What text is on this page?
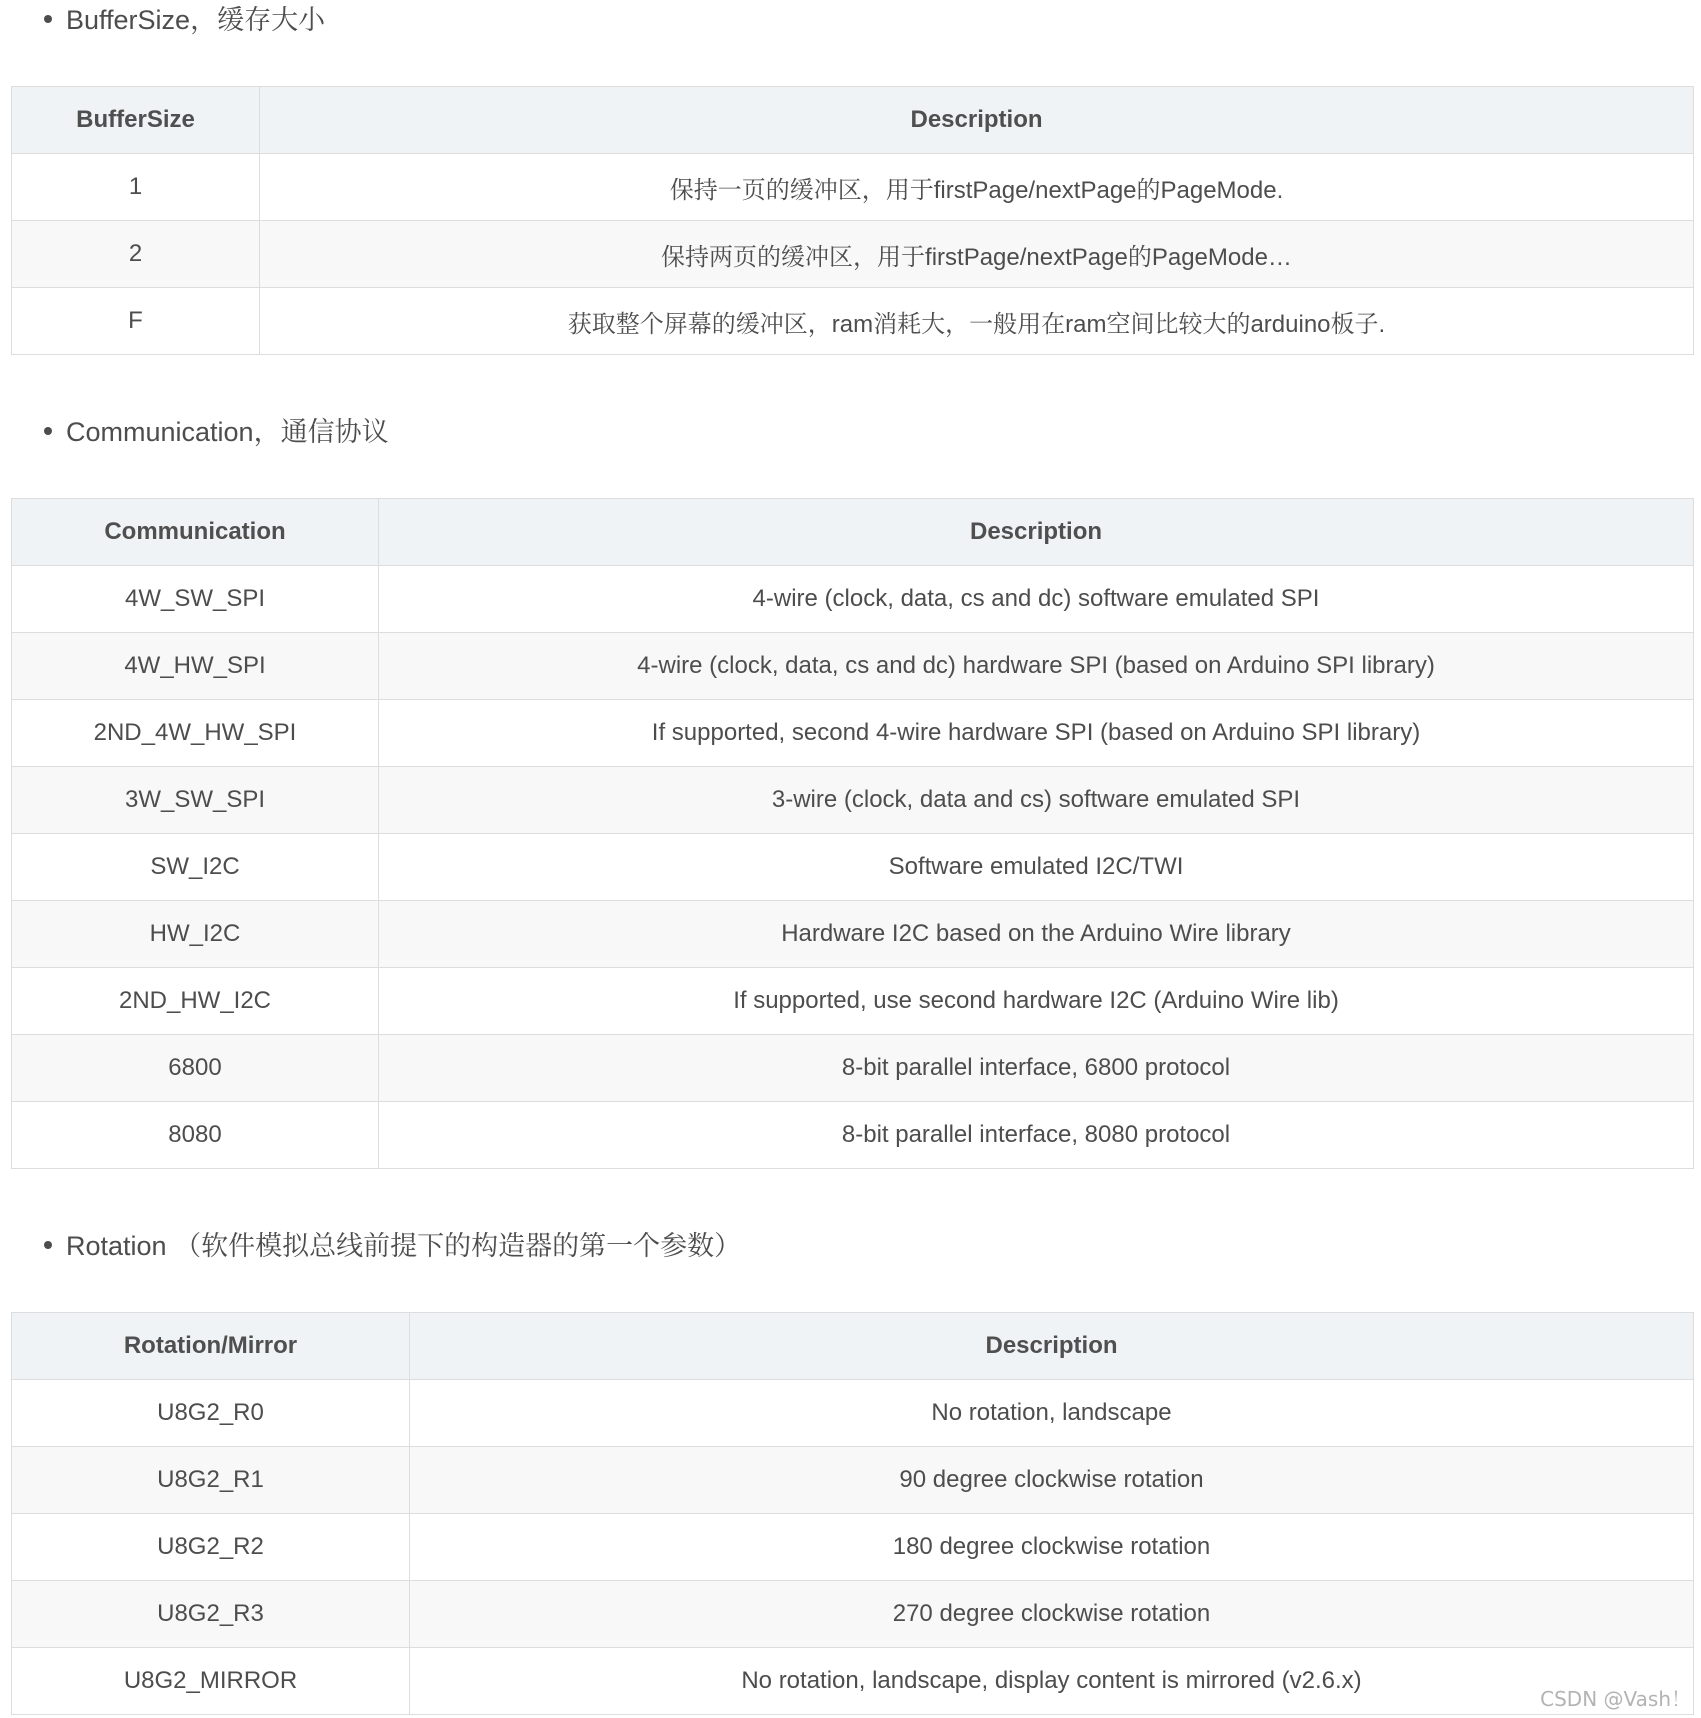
BufferSize，缓存大小
BufferSize	Description
1	保持一页的缓冲区，用于firstPage/nextPage的PageMode.
2	保持两页的缓冲区，用于firstPage/nextPage的PageMode…
F	获取整个屏幕的缓冲区，ram消耗大，一般用在ram空间比较大的arduino板子.
Communication，通信协议
Communication	Description
4W_SW_SPI	4-wire (clock, data, cs and dc) software emulated SPI
4W_HW_SPI	4-wire (clock, data, cs and dc) hardware SPI (based on Arduino SPI library)
2ND_4W_HW_SPI	If supported, second 4-wire hardware SPI (based on Arduino SPI library)
3W_SW_SPI	3-wire (clock, data and cs) software emulated SPI
SW_I2C	Software emulated I2C/TWI
HW_I2C	Hardware I2C based on the Arduino Wire library
2ND_HW_I2C	If supported, use second hardware I2C (Arduino Wire lib)
6800	8-bit parallel interface, 6800 protocol
8080	8-bit parallel interface, 8080 protocol
Rotation （软件模拟总线前提下的构造器的第一个参数）
Rotation/Mirror	Description
U8G2_R0	No rotation, landscape
U8G2_R1	90 degree clockwise rotation
U8G2_R2	180 degree clockwise rotation
U8G2_R3	270 degree clockwise rotation
U8G2_MIRROR	No rotation, landscape, display content is mirrored (v2.6.x)
CSDN @Vash！
